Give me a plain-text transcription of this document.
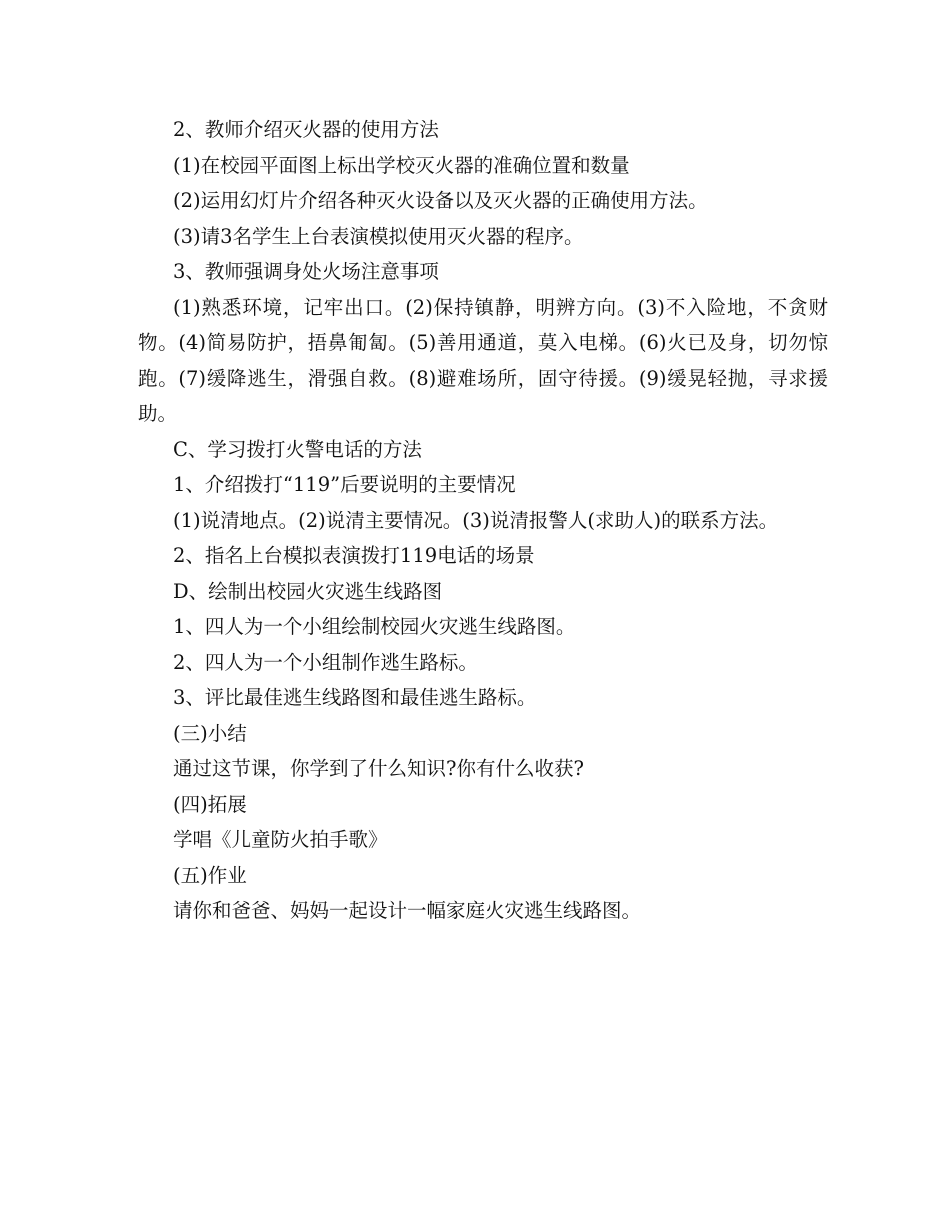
2、教师介绍灭火器的使用方法

(1)在校园平面图上标出学校灭火器的准确位置和数量

(2)运用幻灯片介绍各种灭火设备以及灭火器的正确使用方法。

(3)请3名学生上台表演模拟使用灭火器的程序。

3、教师强调身处火场注意事项

(1)熟悉环境，记牢出口。(2)保持镇静，明辨方向。(3)不入险地，不贪财物。(4)简易防护，捂鼻匍匐。(5)善用通道，莫入电梯。(6)火已及身，切勿惊跑。(7)缓降逃生，滑强自救。(8)避难场所，固守待援。(9)缓晃轻抛，寻求援助。

C、学习拨打火警电话的方法

1、介绍拨打“119”后要说明的主要情况

(1)说清地点。(2)说清主要情况。(3)说清报警人(求助人)的联系方法。

2、指名上台模拟表演拨打119电话的场景

D、绘制出校园火灾逃生线路图

1、四人为一个小组绘制校园火灾逃生线路图。

2、四人为一个小组制作逃生路标。

3、评比最佳逃生线路图和最佳逃生路标。

(三)小结

通过这节课，你学到了什么知识?你有什么收获?

(四)拓展

学唱《儿童防火拍手歌》

(五)作业

请你和爸爸、妈妈一起设计一幅家庭火灾逃生线路图。
